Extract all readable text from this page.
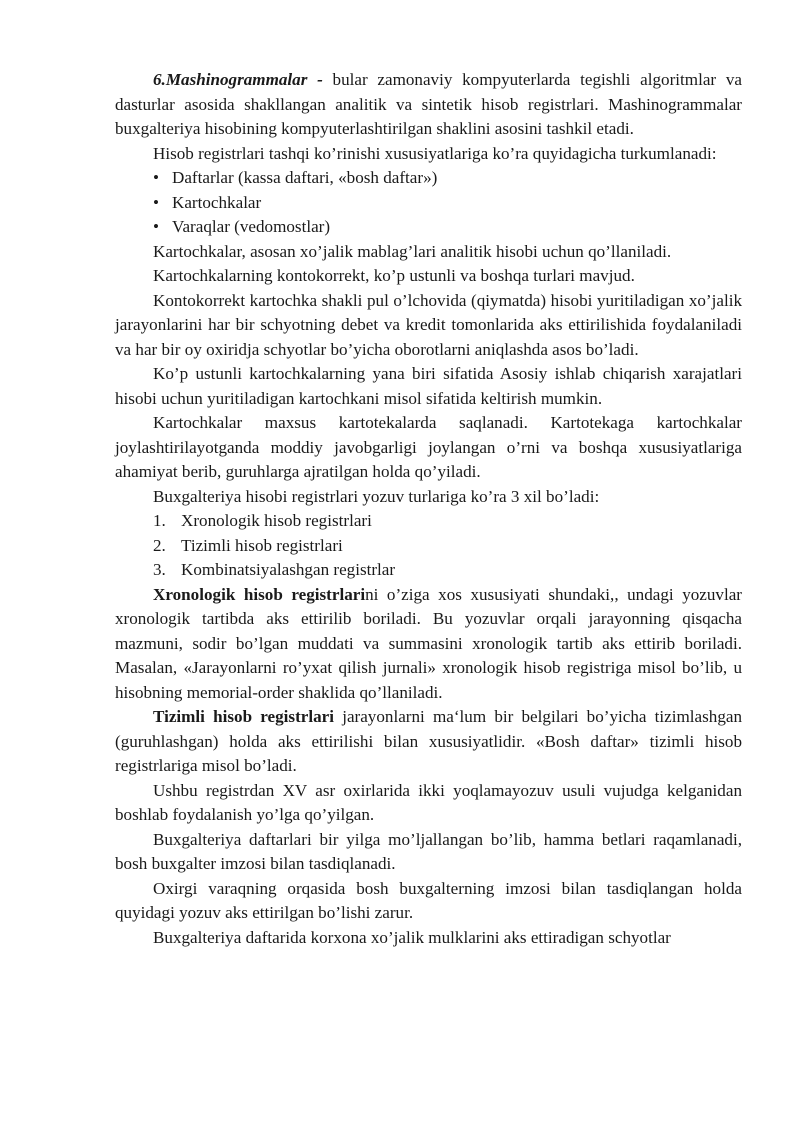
6.Mashinogrammalar - bular zamonaviy kompyuterlarda tegishli algoritmlar va dasturlar asosida shakllangan analitik va sintetik hisob registrlari. Mashinogrammalar buxgalteriya hisobining kompyuterlashtirilgan shaklini asosini tashkil etadi.

Hisob registrlari tashqi ko’rinishi xususiyatlariga ko’ra quyidagicha turkumlanadi:

• Daftarlar (kassa daftari, «bosh daftar»)
• Kartochkalar
• Varaqlar (vedomostlar)

Kartochkalar, asosan xo’jalik mablag’lari analitik hisobi uchun qo’llaniladi.

Kartochkalarning kontokorrekt, ko’p ustunli va boshqa turlari mavjud.

Kontokorrekt kartochka shakli pul o’lchovida (qiymatda) hisobi yuritiladigan xo’jalik jarayonlarini har bir schyotning debet va kredit tomonlarida aks ettirilishida foydalaniladi va har bir oy oxiridja schyotlar bo’yicha oborotlarni aniqlashda asos bo’ladi.

Ko’p ustunli kartochkalarning yana biri sifatida Asosiy ishlab chiqarish xarajatlari hisobi uchun yuritiladigan kartochkani misol sifatida keltirish mumkin.

Kartochkalar maxsus kartotekalarda saqlanadi. Kartotekaga kartochkalar joylashtirilayotganda moddiy javobgarligi joylangan o’rni va boshqa xususiyatlariga ahamiyat berib, guruhlarga ajratilgan holda qo’yiladi.

Buxgalteriya hisobi registrlari yozuv turlariga ko’ra 3 xil bo’ladi:

1. Xronologik hisob registrlari
2. Tizimli hisob registrlari
3. Kombinatsiyalashgan registrlar

Xronologik hisob registrlarini o’ziga xos xususiyati shundaki,, undagi yozuvlar xronologik tartibda aks ettirilib boriladi. Bu yozuvlar orqali jarayonning qisqacha mazmuni, sodir bo’lgan muddati va summasini xronologik tartib aks ettirib boriladi. Masalan, «Jarayonlarni ro’yxat qilish jurnali» xronologik hisob registriga misol bo’lib, u hisobning memorial-order shaklida qo’llaniladi.

Tizimli hisob registrlari jarayonlarni ma‘lum bir belgilari bo’yicha tizimlashgan (guruhlashgan) holda aks ettirilishi bilan xususiyatlidir. «Bosh daftar» tizimli hisob registrlariga misol bo’ladi.

Ushbu registrdan XV asr oxirlarida ikki yoqlamayozuv usuli vujudga kelganidan boshlab foydalanish yo’lga qo’yilgan.

Buxgalteriya daftarlari bir yilga mo’ljallangan bo’lib, hamma betlari raqamlanadi, bosh buxgalter imzosi bilan tasdiqlanadi.

Oxirgi varaqning orqasida bosh buxgalterning imzosi bilan tasdiqlangan holda quyidagi yozuv aks ettirilgan bo’lishi zarur.

Buxgalteriya daftarida korxona xo’jalik mulklarini aks ettiradigan schyotlar
